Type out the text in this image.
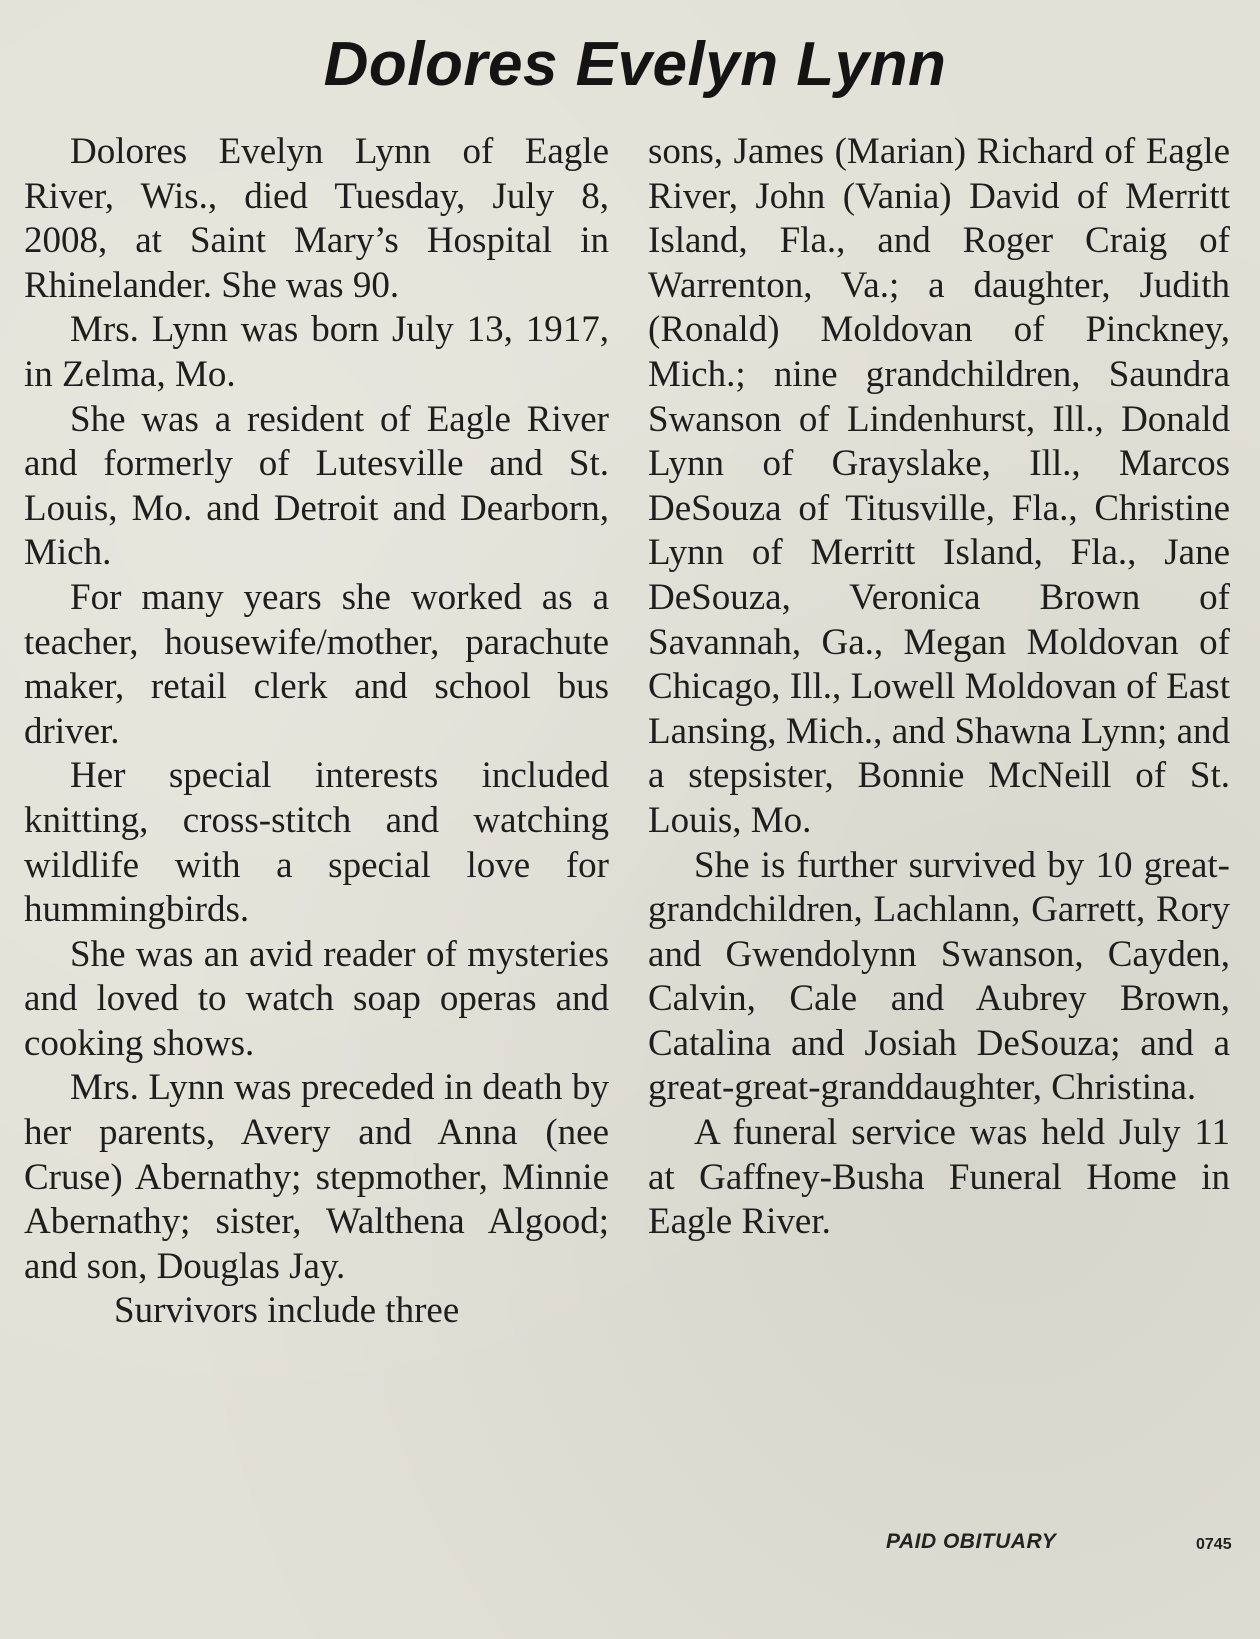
Dolores Evelyn Lynn

Dolores Evelyn Lynn of Eagle River, Wis., died Tuesday, July 8, 2008, at Saint Mary’s Hospital in Rhinelander. She was 90.

Mrs. Lynn was born July 13, 1917, in Zelma, Mo.

She was a resident of Eagle River and formerly of Lutesville and St. Louis, Mo. and Detroit and Dearborn, Mich.

For many years she worked as a teacher, housewife/mother, parachute maker, retail clerk and school bus driver.

Her special interests included knitting, cross-stitch and watching wildlife with a special love for hummingbirds.

She was an avid reader of mysteries and loved to watch soap operas and cooking shows.

Mrs. Lynn was preceded in death by her parents, Avery and Anna (nee Cruse) Abernathy; stepmother, Minnie Abernathy; sister, Walthena Algood; and son, Douglas Jay.

Survivors include three

sons, James (Marian) Richard of Eagle River, John (Vania) David of Merritt Island, Fla., and Roger Craig of Warrenton, Va.; a daughter, Judith (Ronald) Moldovan of Pinckney, Mich.; nine grandchildren, Saundra Swanson of Lindenhurst, Ill., Donald Lynn of Grayslake, Ill., Marcos DeSouza of Titusville, Fla., Christine Lynn of Merritt Island, Fla., Jane DeSouza, Veronica Brown of Savannah, Ga., Megan Moldovan of Chicago, Ill., Lowell Moldovan of East Lansing, Mich., and Shawna Lynn; and a stepsister, Bonnie McNeill of St. Louis, Mo.

She is further survived by 10 great-grandchildren, Lachlann, Garrett, Rory and Gwendolynn Swanson, Cayden, Calvin, Cale and Aubrey Brown, Catalina and Josiah DeSouza; and a great-great-granddaughter, Christina.

A funeral service was held July 11 at Gaffney-Busha Funeral Home in Eagle River.

PAID OBITUARY	0745
